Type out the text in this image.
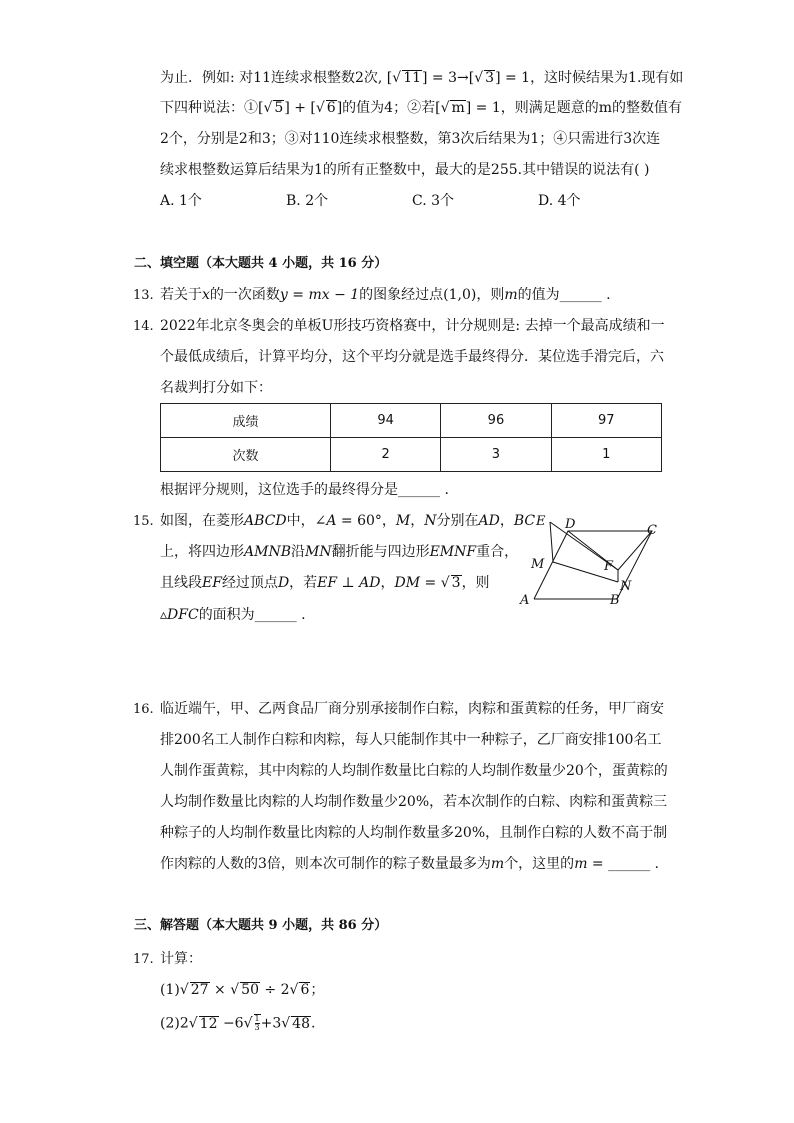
为止．例如: 对11连续求根整数2次, [√ 11] = 3→[√ 3] = 1，这时候结果为1.现有如
下四种说法：①[√ 5] + [√ 6]的值为4；②若[√ m] = 1，则满足题意的m的整数值有
2个，分别是2和3；③对110连续求根整数，第3次后结果为1；④只需进行3次连
续求根整数运算后结果为1的所有正整数中，最大的是255.其中错误的说法有( )
A. 1个	B. 2个	C. 3个	D. 4个
二、填空题（本大题共 4 小题，共 16 分）
13. 若关于x的一次函数y = mx − 1的图象经过点(1,0)，则m的值为______ .
14. 2022年北京冬奥会的单板U形技巧资格赛中，计分规则是: 去掉一个最高成绩和一
个最低成绩后，计算平均分，这个平均分就是选手最终得分．某位选手滑完后，六
名裁判打分如下：
成绩	94	96	97
次数	2	3	1
根据评分规则，这位选手的最终得分是______ .
15. 如图，在菱形ABCD中，∠A = 60°，M，N分别在AD，BC
上，将四边形AMNB沿MN翻折能与四边形EMNF重合，
且线段EF经过顶点D，若EF ⊥ AD，DM = √ 3，则
▵DFC的面积为______ .
E D	C
M	F
N
A	B
16. 临近端午，甲、乙两食品厂商分别承接制作白粽，肉粽和蛋黄粽的任务，甲厂商安
排200名工人制作白粽和肉粽，每人只能制作其中一种粽子，乙厂商安排100名工
人制作蛋黄粽，其中肉粽的人均制作数量比白粽的人均制作数量少20个，蛋黄粽的
人均制作数量比肉粽的人均制作数量少20%，若本次制作的白粽、肉粽和蛋黄粽三
种粽子的人均制作数量比肉粽的人均制作数量多20%，且制作白粽的人数不高于制
作肉粽的人数的3倍，则本次可制作的粽子数量最多为m个，这里的m = ______ .
三、解答题（本大题共 9 小题，共 86 分）
17. 计算：
(1)√ 27 × √ 50 ÷ 2√ 6；
(2)2√ $12 -6√ \frac{1}{3} +3√$ 48.
